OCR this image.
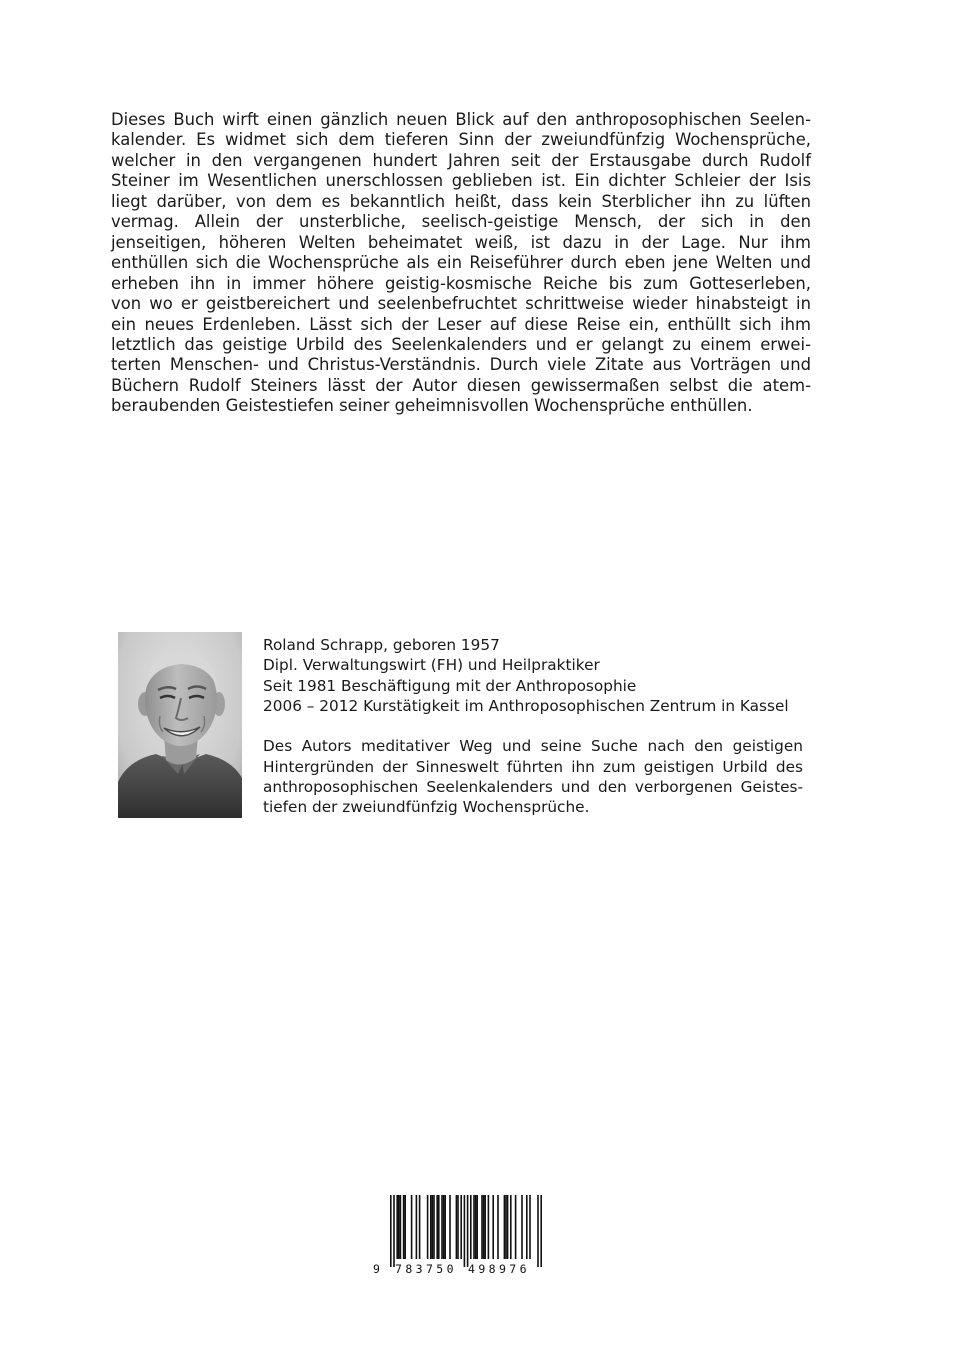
Dieses Buch wirft einen gänzlich neuen Blick auf den anthroposophischen Seelen-
kalender. Es widmet sich dem tieferen Sinn der zweiundfünfzig Wochensprüche,
welcher in den vergangenen hundert Jahren seit der Erstausgabe durch Rudolf
Steiner im Wesentlichen unerschlossen geblieben ist. Ein dichter Schleier der Isis
liegt darüber, von dem es bekanntlich heißt, dass kein Sterblicher ihn zu lüften
vermag. Allein der unsterbliche, seelisch-geistige Mensch, der sich in den
jenseitigen, höheren Welten beheimatet weiß, ist dazu in der Lage. Nur ihm
enthüllen sich die Wochensprüche als ein Reiseführer durch eben jene Welten und
erheben ihn in immer höhere geistig-kosmische Reiche bis zum Gotteserleben,
von wo er geistbereichert und seelenbefruchtet schrittweise wieder hinabsteigt in
ein neues Erdenleben. Lässt sich der Leser auf diese Reise ein, enthüllt sich ihm
letztlich das geistige Urbild des Seelenkalenders und er gelangt zu einem erwei-
terten Menschen- und Christus-Verständnis. Durch viele Zitate aus Vorträgen und
Büchern Rudolf Steiners lässt der Autor diesen gewissermaßen selbst die atem-
beraubenden Geistestiefen seiner geheimnisvollen Wochensprüche enthüllen.
Roland Schrapp, geboren 1957
Dipl. Verwaltungswirt (FH) und Heilpraktiker
Seit 1981 Beschäftigung mit der Anthroposophie
2006 – 2012 Kurstätigkeit im Anthroposophischen Zentrum in Kassel
Des Autors meditativer Weg und seine Suche nach den geistigen
Hintergründen der Sinneswelt führten ihn zum geistigen Urbild des
anthroposophischen Seelenkalenders und den verborgenen Geistes-
tiefen der zweiundfünfzig Wochensprüche.
9 783750 498976
